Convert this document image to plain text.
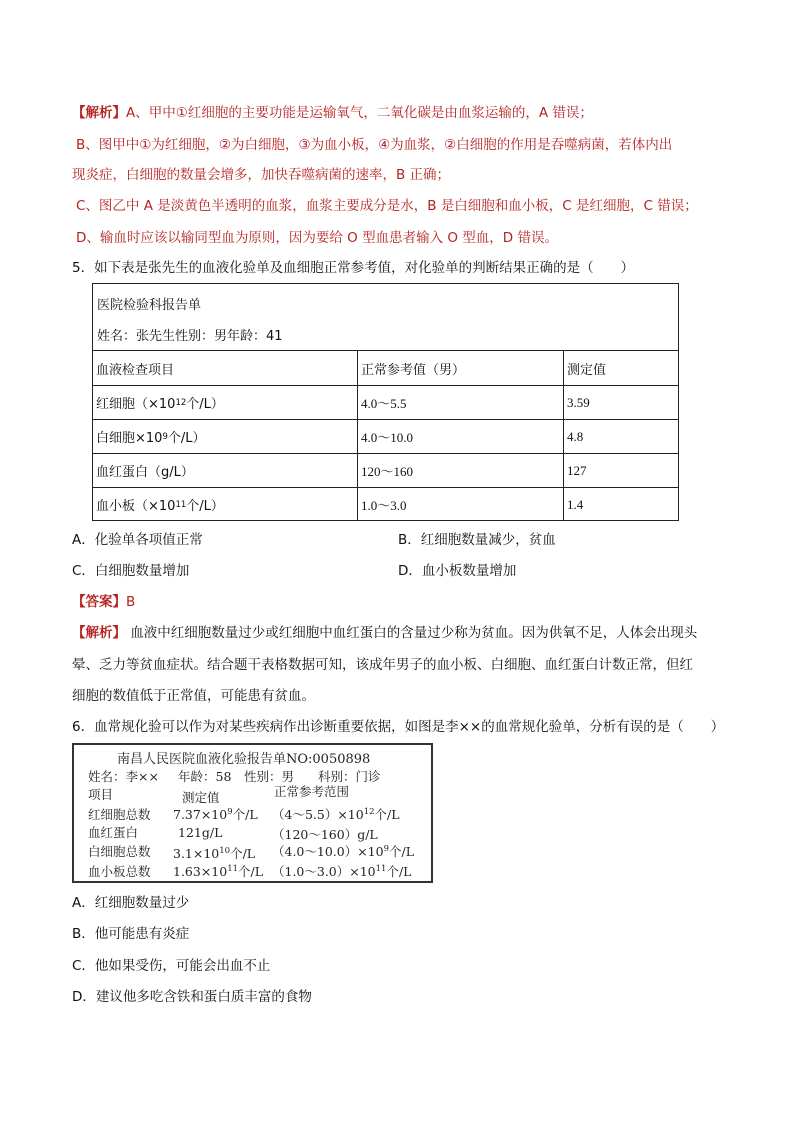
【解析】A、甲中①红细胞的主要功能是运输氧气，二氧化碳是由血浆运输的，A 错误；
B、图甲中①为红细胞，②为白细胞，③为血小板，④为血浆，②白细胞的作用是吞噬病菌，若体内出
现炎症，白细胞的数量会增多，加快吞噬病菌的速率，B 正确；
C、图乙中 A 是淡黄色半透明的血浆，血浆主要成分是水，B 是白细胞和血小板，C 是红细胞，C 错误；
D、输血时应该以输同型血为原则，因为要给 O 型血患者输入 O 型血，D 错误。
5．如下表是张先生的血液化验单及血细胞正常参考值，对化验单的判断结果正确的是（　　）
医院检验科报告单
姓名：张先生性别：男年龄：41
血液检查项目	正常参考值（男）	测定值
红细胞（×10 12 个/L）	4.0～5.5	3.59
白细胞×10 9 个/L）	4.0～10.0	4.8
血红蛋白（g/L）	120～160	127
血小板（×10 11 个/L）	1.0～3.0	1.4
A．化验单各项值正常	B．红细胞数量减少，贫血
C．白细胞数量增加	D．血小板数量增加
【答案】B
【解析】 血液中红细胞数量过少或红细胞中血红蛋白的含量过少称为贫血。因为供氧不足，人体会出现头
晕、乏力等贫血症状。结合题干表格数据可知，该成年男子的血小板、白细胞、血红蛋白计数正常，但红
细胞的数值低于正常值，可能患有贫血。
6．血常规化验可以作为对某些疾病作出诊断重要依据，如图是李××的血常规化验单，分析有误的是（　　）
南昌人民医院血液化验报告单NO:0050898
姓名：李×× 年龄：58 性别：男 科别：门诊
项目	测定值	正常参考范围
红细胞总数 $7.37\times 10^9$个/L $(4\sim 5.5)\times 10^{12}$个/L
血红蛋白	121g/L	（120～160）g/L
白细胞总数 $3.1\times 10^{10}$个/L $(4.0\sim 10.0)\times 10^9$个/L
血小板总数 $1.63\times 10^{11}$个/L $(1.0\sim 3.0)\times 10^{11}$个/L
A．红细胞数量过少
B．他可能患有炎症
C．他如果受伤，可能会出血不止
D．建议他多吃含铁和蛋白质丰富的食物
